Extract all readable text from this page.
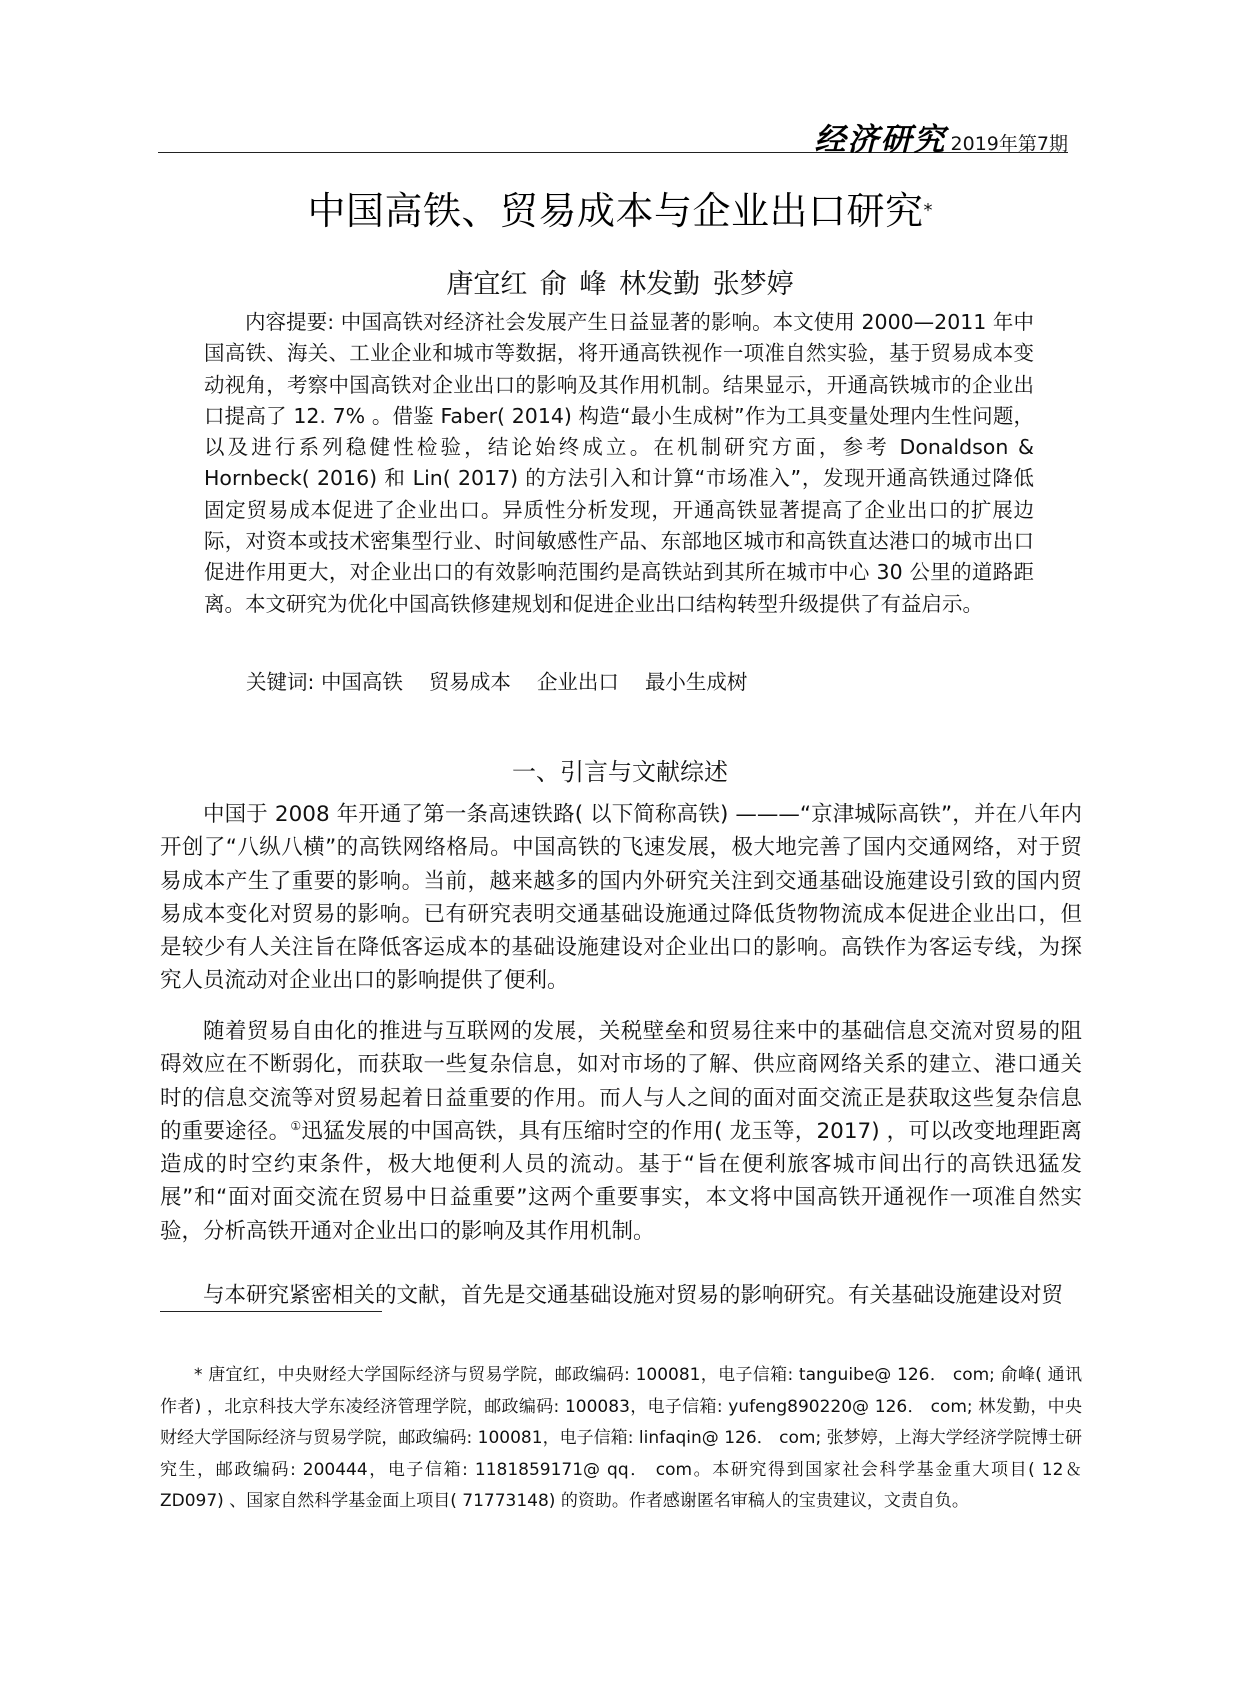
经济研究 2019年第7期
中国高铁、贸易成本与企业出口研究*
唐宜红 俞 峰 林发勤 张梦婷

内容提要: 中国高铁对经济社会发展产生日益显著的影响。本文使用 2000—2011 年中国高铁、海关、工业企业和城市等数据，将开通高铁视作一项准自然实验，基于贸易成本变动视角，考察中国高铁对企业出口的影响及其作用机制。结果显示，开通高铁城市的企业出口提高了 12. 7% 。借鉴 Faber( 2014) 构造“最小生成树”作为工具变量处理内生性问题，以及进行系列稳健性检验，结论始终成立。在机制研究方面，参考 Donaldson & Hornbeck( 2016) 和 Lin( 2017) 的方法引入和计算“市场准入”，发现开通高铁通过降低固定贸易成本促进了企业出口。异质性分析发现，开通高铁显著提高了企业出口的扩展边际，对资本或技术密集型行业、时间敏感性产品、东部地区城市和高铁直达港口的城市出口促进作用更大，对企业出口的有效影响范围约是高铁站到其所在城市中心 30 公里的道路距离。本文研究为优化中国高铁修建规划和促进企业出口结构转型升级提供了有益启示。

关键词: 中国高铁 贸易成本 企业出口 最小生成树
一、引言与文献综述

中国于 2008 年开通了第一条高速铁路( 以下简称高铁) ———“京津城际高铁”，并在八年内开创了“八纵八横”的高铁网络格局。中国高铁的飞速发展，极大地完善了国内交通网络，对于贸易成本产生了重要的影响。当前，越来越多的国内外研究关注到交通基础设施建设引致的国内贸易成本变化对贸易的影响。已有研究表明交通基础设施通过降低货物物流成本促进企业出口，但是较少有人关注旨在降低客运成本的基础设施建设对企业出口的影响。高铁作为客运专线，为探究人员流动对企业出口的影响提供了便利。

随着贸易自由化的推进与互联网的发展，关税壁垒和贸易往来中的基础信息交流对贸易的阻碍效应在不断弱化，而获取一些复杂信息，如对市场的了解、供应商网络关系的建立、港口通关时的信息交流等对贸易起着日益重要的作用。而人与人之间的面对面交流正是获取这些复杂信息的重要途径。①迅猛发展的中国高铁，具有压缩时空的作用( 龙玉等，2017) ，可以改变地理距离造成的时空约束条件，极大地便利人员的流动。基于“旨在便利旅客城市间出行的高铁迅猛发展”和“面对面交流在贸易中日益重要”这两个重要事实，本文将中国高铁开通视作一项准自然实验，分析高铁开通对企业出口的影响及其作用机制。

与本研究紧密相关的文献，首先是交通基础设施对贸易的影响研究。有关基础设施建设对贸

* 唐宜红，中央财经大学国际经济与贸易学院，邮政编码: 100081，电子信箱: tanguibe@ 126． com; 俞峰( 通讯作者) ，北京科技大学东凌经济管理学院，邮政编码: 100083，电子信箱: yufeng890220@ 126． com; 林发勤，中央财经大学国际经济与贸易学院，邮政编码: 100081，电子信箱: linfaqin@ 126． com; 张梦婷，上海大学经济学院博士研究生，邮政编码: 200444，电子信箱: 1181859171@ qq． com。本研究得到国家社会科学基金重大项目( 12＆ZD097) 、国家自然科学基金面上项目( 71773148) 的资助。作者感谢匿名审稿人的宝贵建议，文责自负。
